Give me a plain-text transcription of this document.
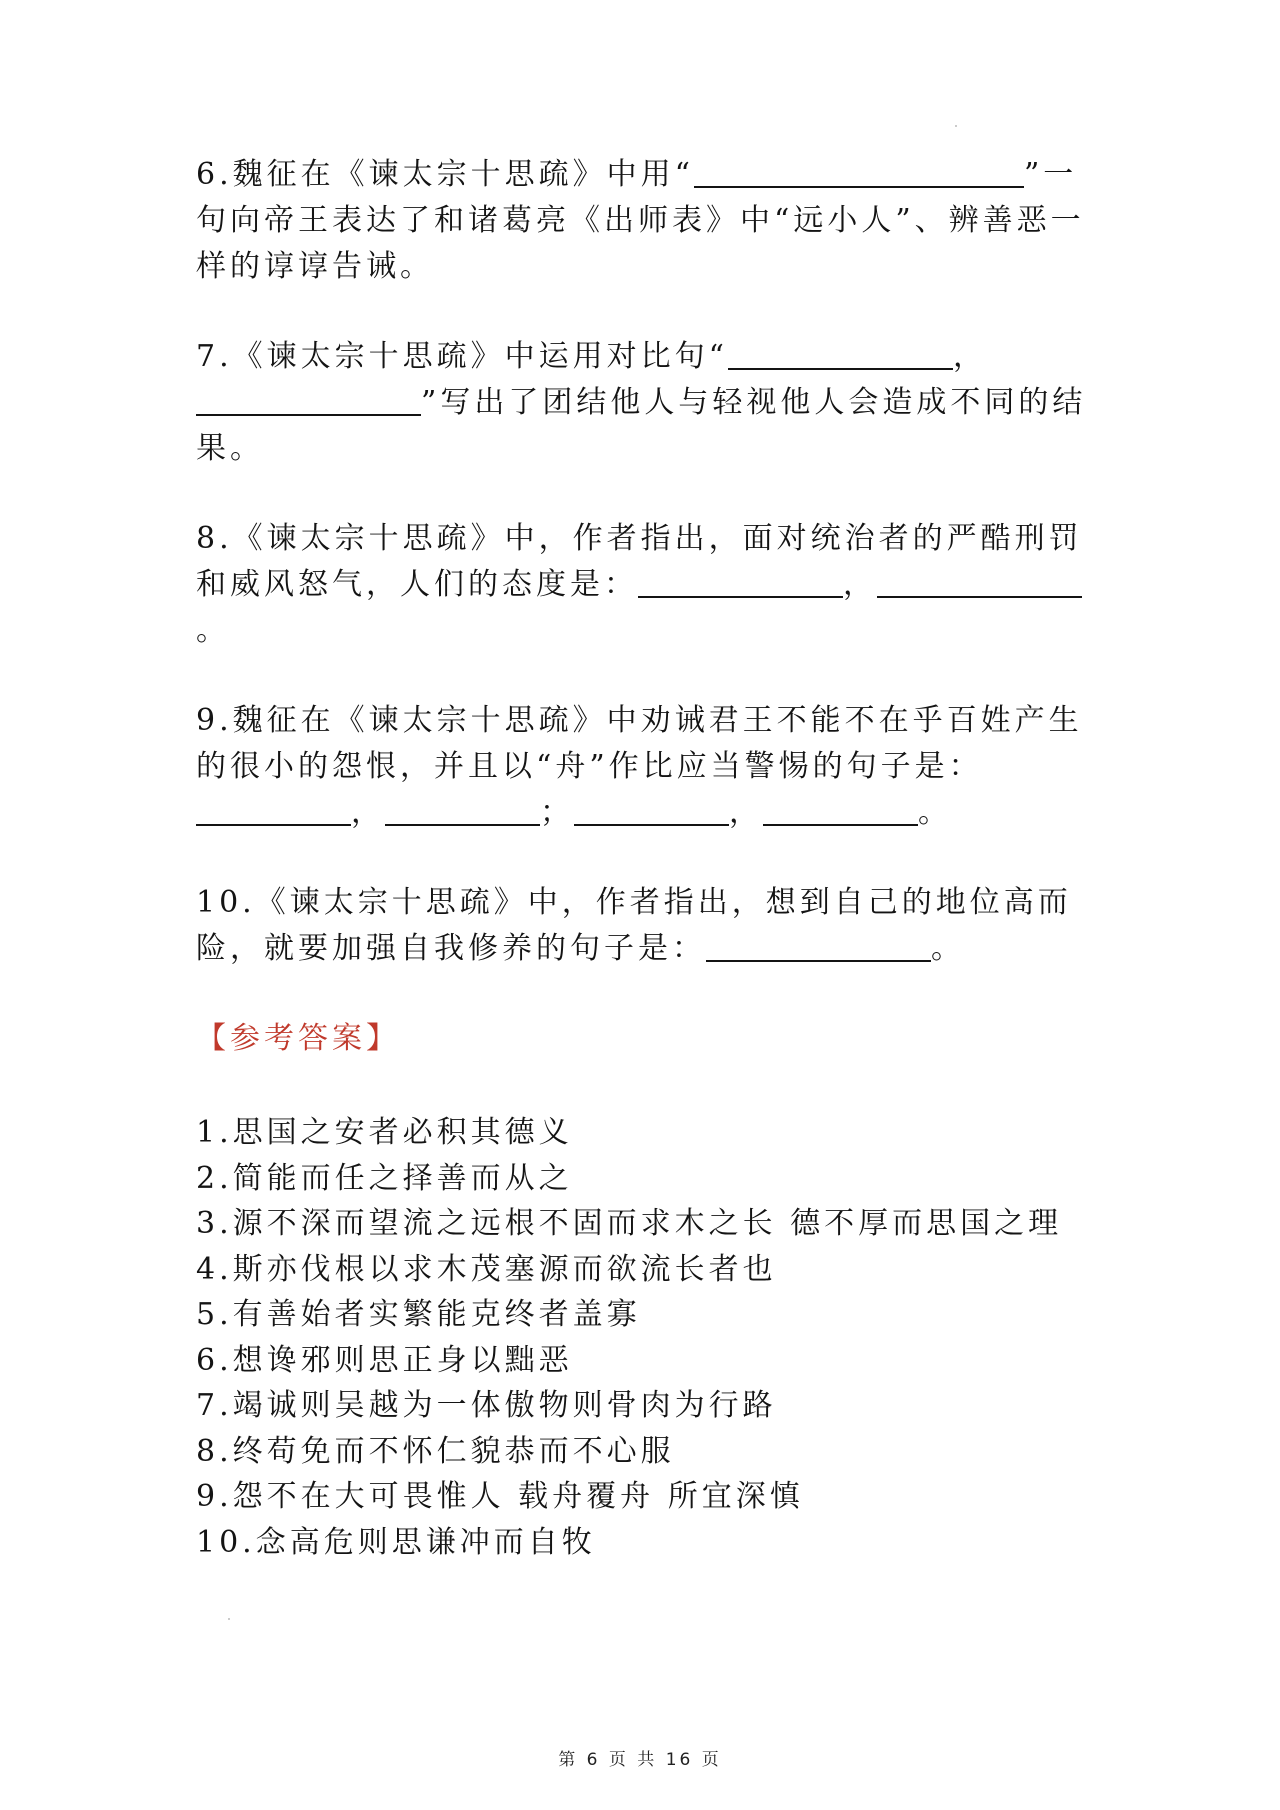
6.魏征在《谏太宗十思疏》中用“	”一句向帝王表达了和诸葛亮《出师表》中“远小人”、辨善恶一样的谆谆告诫。

7.《谏太宗十思疏》中运用对比句“	，”写出了团结他人与轻视他人会造成不同的结果。

8.《谏太宗十思疏》中，作者指出，面对统治者的严酷刑罚和威风怒气，人们的态度是：	，。

9.魏征在《谏太宗十思疏》中劝诫君王不能不在乎百姓产生的很小的怨恨，并且以“舟”作比应当警惕的句子是：，	；	，	。

10.《谏太宗十思疏》中，作者指出，想到自己的地位高而险，就要加强自我修养的句子是：	。

【参考答案】
1.思国之安者必积其德义
2.简能而任之择善而从之
3.源不深而望流之远根不固而求木之长 德不厚而思国之理
4.斯亦伐根以求木茂塞源而欲流长者也
5.有善始者实繁能克终者盖寡
6.想谗邪则思正身以黜恶
7.竭诚则吴越为一体傲物则骨肉为行路
8.终苟免而不怀仁貌恭而不心服
9.怨不在大可畏惟人 载舟覆舟 所宜深慎
10.念高危则思谦冲而自牧
第 6 页 共 16 页
